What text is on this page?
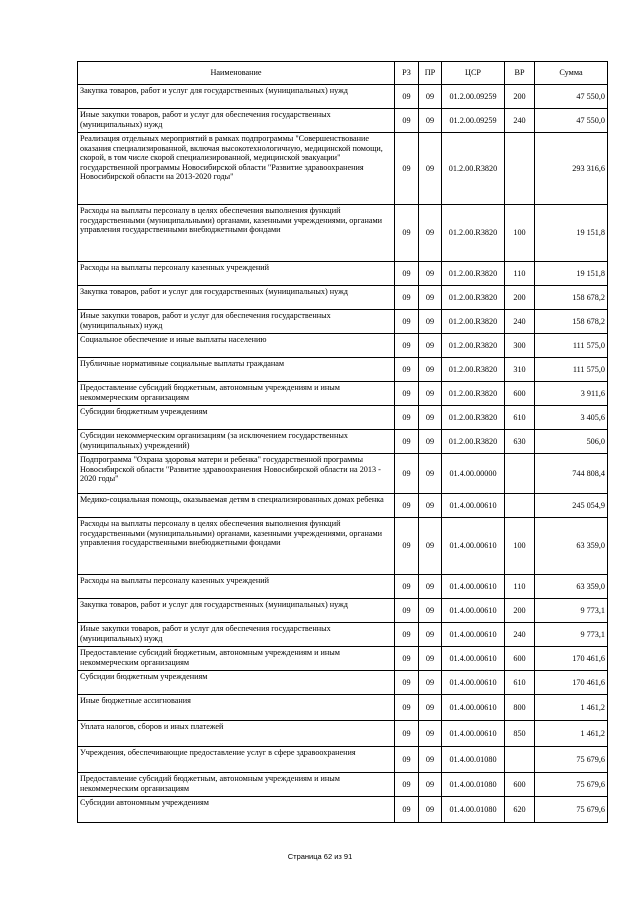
Наименование	РЗ	ПР	ЦСР	ВР	Сумма
Закупка товаров, работ и услуг для государственных (муниципальных) нужд	09	09	01.2.00.09259	200	47 550,0
Иные закупки товаров, работ и услуг для обеспечения государственных (муниципальных) нужд	09	09	01.2.00.09259	240	47 550,0
Реализация отдельных мероприятий в рамках подпрограммы "Совершенствование оказания специализированной, включая высокотехнологичную, медицинской помощи, скорой, в том числе скорой специализированной, медицинской эвакуации" государственной программы Новосибирской области "Развитие здравоохранения Новосибирской области на 2013-2020 годы"	09	09	01.2.00.R3820		293 316,6
Расходы на выплаты персоналу в целях обеспечения выполнения функций государственными (муниципальными) органами, казенными учреждениями, органами управления государственными внебюджетными фондами	09	09	01.2.00.R3820	100	19 151,8
Расходы на выплаты персоналу казенных учреждений	09	09	01.2.00.R3820	110	19 151,8
Закупка товаров, работ и услуг для государственных (муниципальных) нужд	09	09	01.2.00.R3820	200	158 678,2
Иные закупки товаров, работ и услуг для обеспечения государственных (муниципальных) нужд	09	09	01.2.00.R3820	240	158 678,2
Социальное обеспечение и иные выплаты населению	09	09	01.2.00.R3820	300	111 575,0
Публичные нормативные социальные выплаты гражданам	09	09	01.2.00.R3820	310	111 575,0
Предоставление субсидий бюджетным, автономным учреждениям и иным некоммерческим организациям	09	09	01.2.00.R3820	600	3 911,6
Субсидии бюджетным учреждениям	09	09	01.2.00.R3820	610	3 405,6
Субсидии некоммерческим организациям (за исключением государственных (муниципальных) учреждений)	09	09	01.2.00.R3820	630	506,0
Подпрограмма "Охрана здоровья матери и ребенка" государственной программы Новосибирской области "Развитие здравоохранения Новосибирской области на 2013 - 2020 годы"	09	09	01.4.00.00000		744 808,4
Медико-социальная помощь, оказываемая детям в специализированных домах ребенка	09	09	01.4.00.00610		245 054,9
Расходы на выплаты персоналу в целях обеспечения выполнения функций государственными (муниципальными) органами, казенными учреждениями, органами управления государственными внебюджетными фондами	09	09	01.4.00.00610	100	63 359,0
Расходы на выплаты персоналу казенных учреждений	09	09	01.4.00.00610	110	63 359,0
Закупка товаров, работ и услуг для государственных (муниципальных) нужд	09	09	01.4.00.00610	200	9 773,1
Иные закупки товаров, работ и услуг для обеспечения государственных (муниципальных) нужд	09	09	01.4.00.00610	240	9 773,1
Предоставление субсидий бюджетным, автономным учреждениям и иным некоммерческим организациям	09	09	01.4.00.00610	600	170 461,6
Субсидии бюджетным учреждениям	09	09	01.4.00.00610	610	170 461,6
Иные бюджетные ассигнования	09	09	01.4.00.00610	800	1 461,2
Уплата налогов, сборов и иных платежей	09	09	01.4.00.00610	850	1 461,2
Учреждения, обеспечивающие предоставление услуг в сфере здравоохранения	09	09	01.4.00.01080		75 679,6
Предоставление субсидий бюджетным, автономным учреждениям и иным некоммерческим организациям	09	09	01.4.00.01080	600	75 679,6
Субсидии автономным учреждениям	09	09	01.4.00.01080	620	75 679,6
Страница 62 из 91
